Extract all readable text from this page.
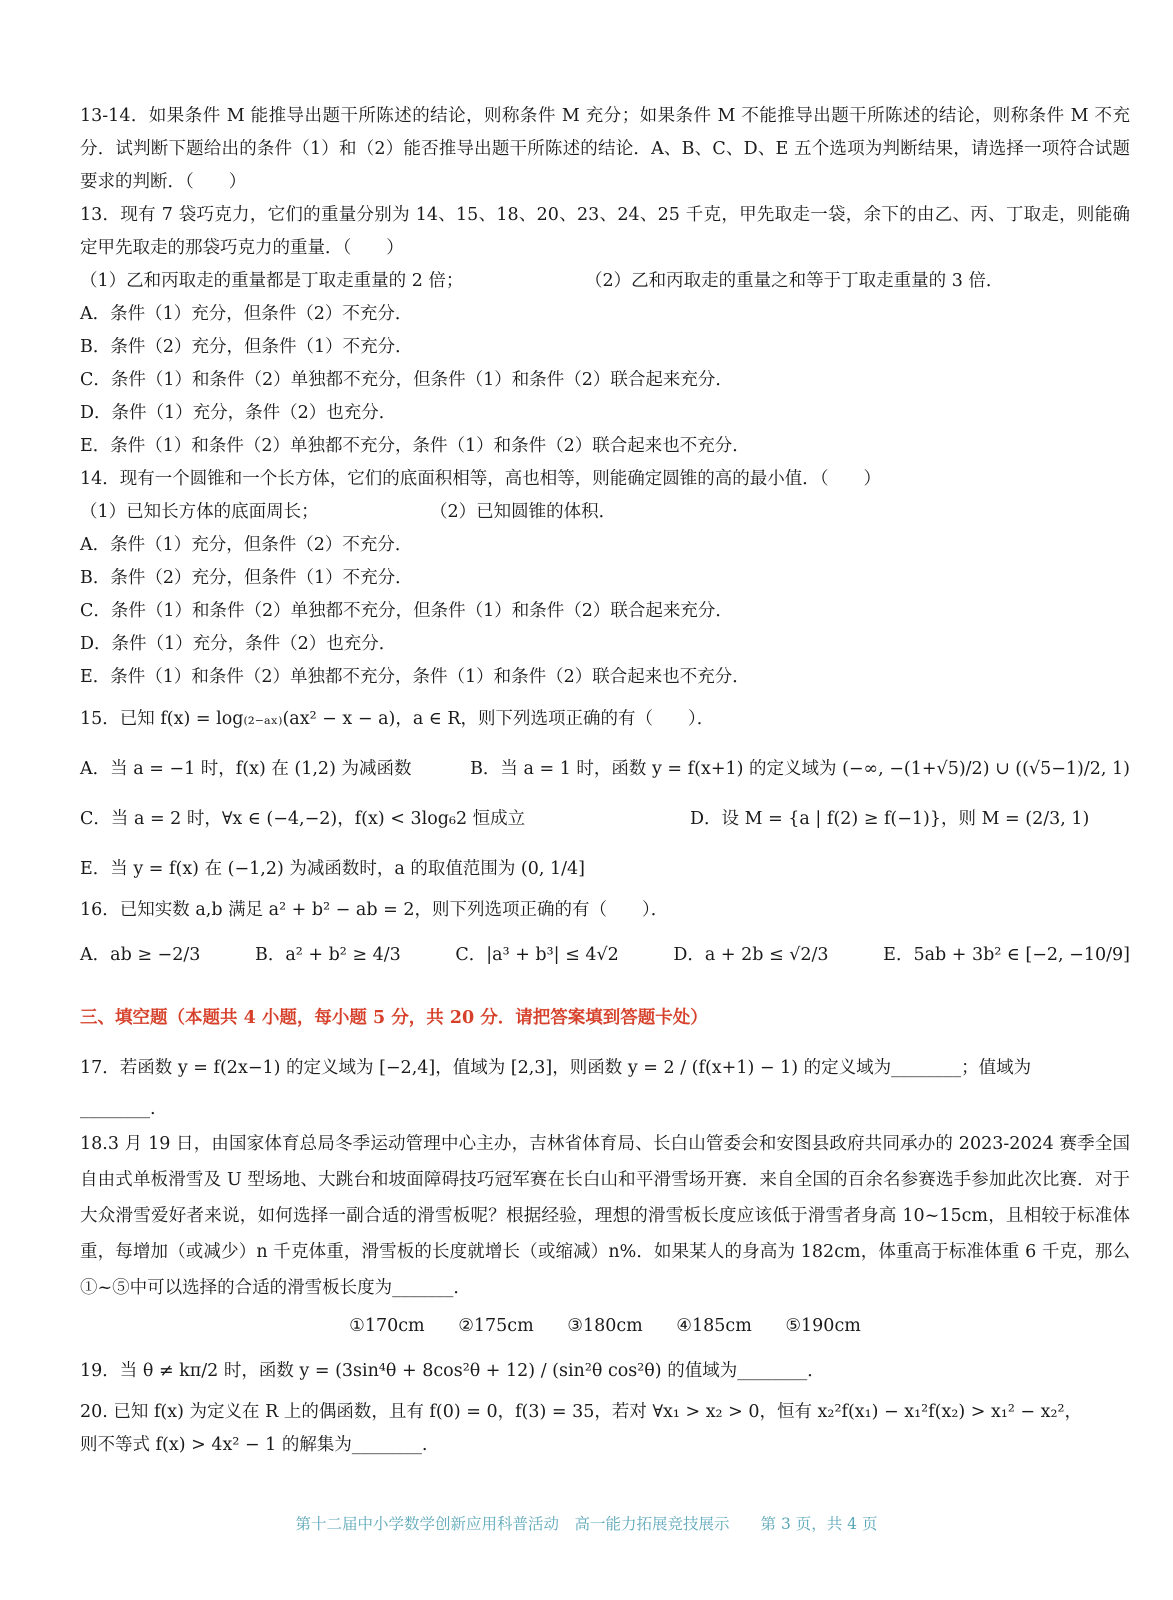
13-14．如果条件 M 能推导出题干所陈述的结论，则称条件 M 充分；如果条件 M 不能推导出题干所陈述的结论，则称条件 M 不充分．试判断下题给出的条件（1）和（2）能否推导出题干所陈述的结论．A、B、C、D、E 五个选项为判断结果，请选择一项符合试题要求的判断．（　　）

13．现有 7 袋巧克力，它们的重量分别为 14、15、18、20、23、24、25 千克，甲先取走一袋，余下的由乙、丙、丁取走，则能确定甲先取走的那袋巧克力的重量．（　　）

（1）乙和丙取走的重量都是丁取走重量的 2 倍；	（2）乙和丙取走的重量之和等于丁取走重量的 3 倍．
A．条件（1）充分，但条件（2）不充分．
B．条件（2）充分，但条件（1）不充分．
C．条件（1）和条件（2）单独都不充分，但条件（1）和条件（2）联合起来充分．
D．条件（1）充分，条件（2）也充分．
E．条件（1）和条件（2）单独都不充分，条件（1）和条件（2）联合起来也不充分．
14．现有一个圆锥和一个长方体，它们的底面积相等，高也相等，则能确定圆锥的高的最小值．（　　）
（1）已知长方体的底面周长；	（2）已知圆锥的体积．
A．条件（1）充分，但条件（2）不充分．
B．条件（2）充分，但条件（1）不充分．
C．条件（1）和条件（2）单独都不充分，但条件（1）和条件（2）联合起来充分．
D．条件（1）充分，条件（2）也充分．
E．条件（1）和条件（2）单独都不充分，条件（1）和条件（2）联合起来也不充分．
15．已知 f(x) = log₍₂₋ₐₓ₎(ax² − x − a)，a ∈ R，则下列选项正确的有（　　）．
A．当 a = −1 时，f(x) 在 (1,2) 为减函数	B．当 a = 1 时，函数 y = f(x+1) 的定义域为 (−∞, −(1+√5)/2) ∪ ((√5−1)/2, 1)
C．当 a = 2 时，∀x ∈ (−4,−2)，f(x) < 3log₆2 恒成立	D．设 M = {a | f(2) ≥ f(−1)}，则 M = (2/3, 1)
E．当 y = f(x) 在 (−1,2) 为减函数时，a 的取值范围为 (0, 1/4]
16．已知实数 a,b 满足 a² + b² − ab = 2，则下列选项正确的有（　　）．
A．ab ≥ −2/3	B．a² + b² ≥ 4/3	C．|a³ + b³| ≤ 4√2	D．a + 2b ≤ √2/3	E．5ab + 3b² ∈ [−2, −10/9]
三、填空题（本题共 4 小题，每小题 5 分，共 20 分．请把答案填到答题卡处）
17．若函数 y = f(2x−1) 的定义域为 [−2,4]，值域为 [2,3]，则函数 y = 2 / (f(x+1) − 1) 的定义域为________；值域为
________.

18.3 月 19 日，由国家体育总局冬季运动管理中心主办，吉林省体育局、长白山管委会和安图县政府共同承办的 2023-2024 赛季全国自由式单板滑雪及 U 型场地、大跳台和坡面障碍技巧冠军赛在长白山和平滑雪场开赛．来自全国的百余名参赛选手参加此次比赛．对于大众滑雪爱好者来说，如何选择一副合适的滑雪板呢？根据经验，理想的滑雪板长度应该低于滑雪者身高 10~15cm，且相较于标准体重，每增加（或减少）n 千克体重，滑雪板的长度就增长（或缩减）n%．如果某人的身高为 182cm，体重高于标准体重 6 千克，那么①~⑤中可以选择的合适的滑雪板长度为_______．

①170cm ②175cm ③180cm ④185cm ⑤190cm
19．当 θ ≠ kπ/2 时，函数 y = (3sin⁴θ + 8cos²θ + 12) / (sin²θ cos²θ) 的值域为________．
20. 已知 f(x) 为定义在 R 上的偶函数，且有 f(0) = 0，f(3) = 35，若对 ∀x₁ > x₂ > 0，恒有 x₂²f(x₁) − x₁²f(x₂) > x₁² − x₂²，
则不等式 f(x) > 4x² − 1 的解集为________.
第十二届中小学数学创新应用科普活动　高一能力拓展竞技展示　　第 3 页，共 4 页
